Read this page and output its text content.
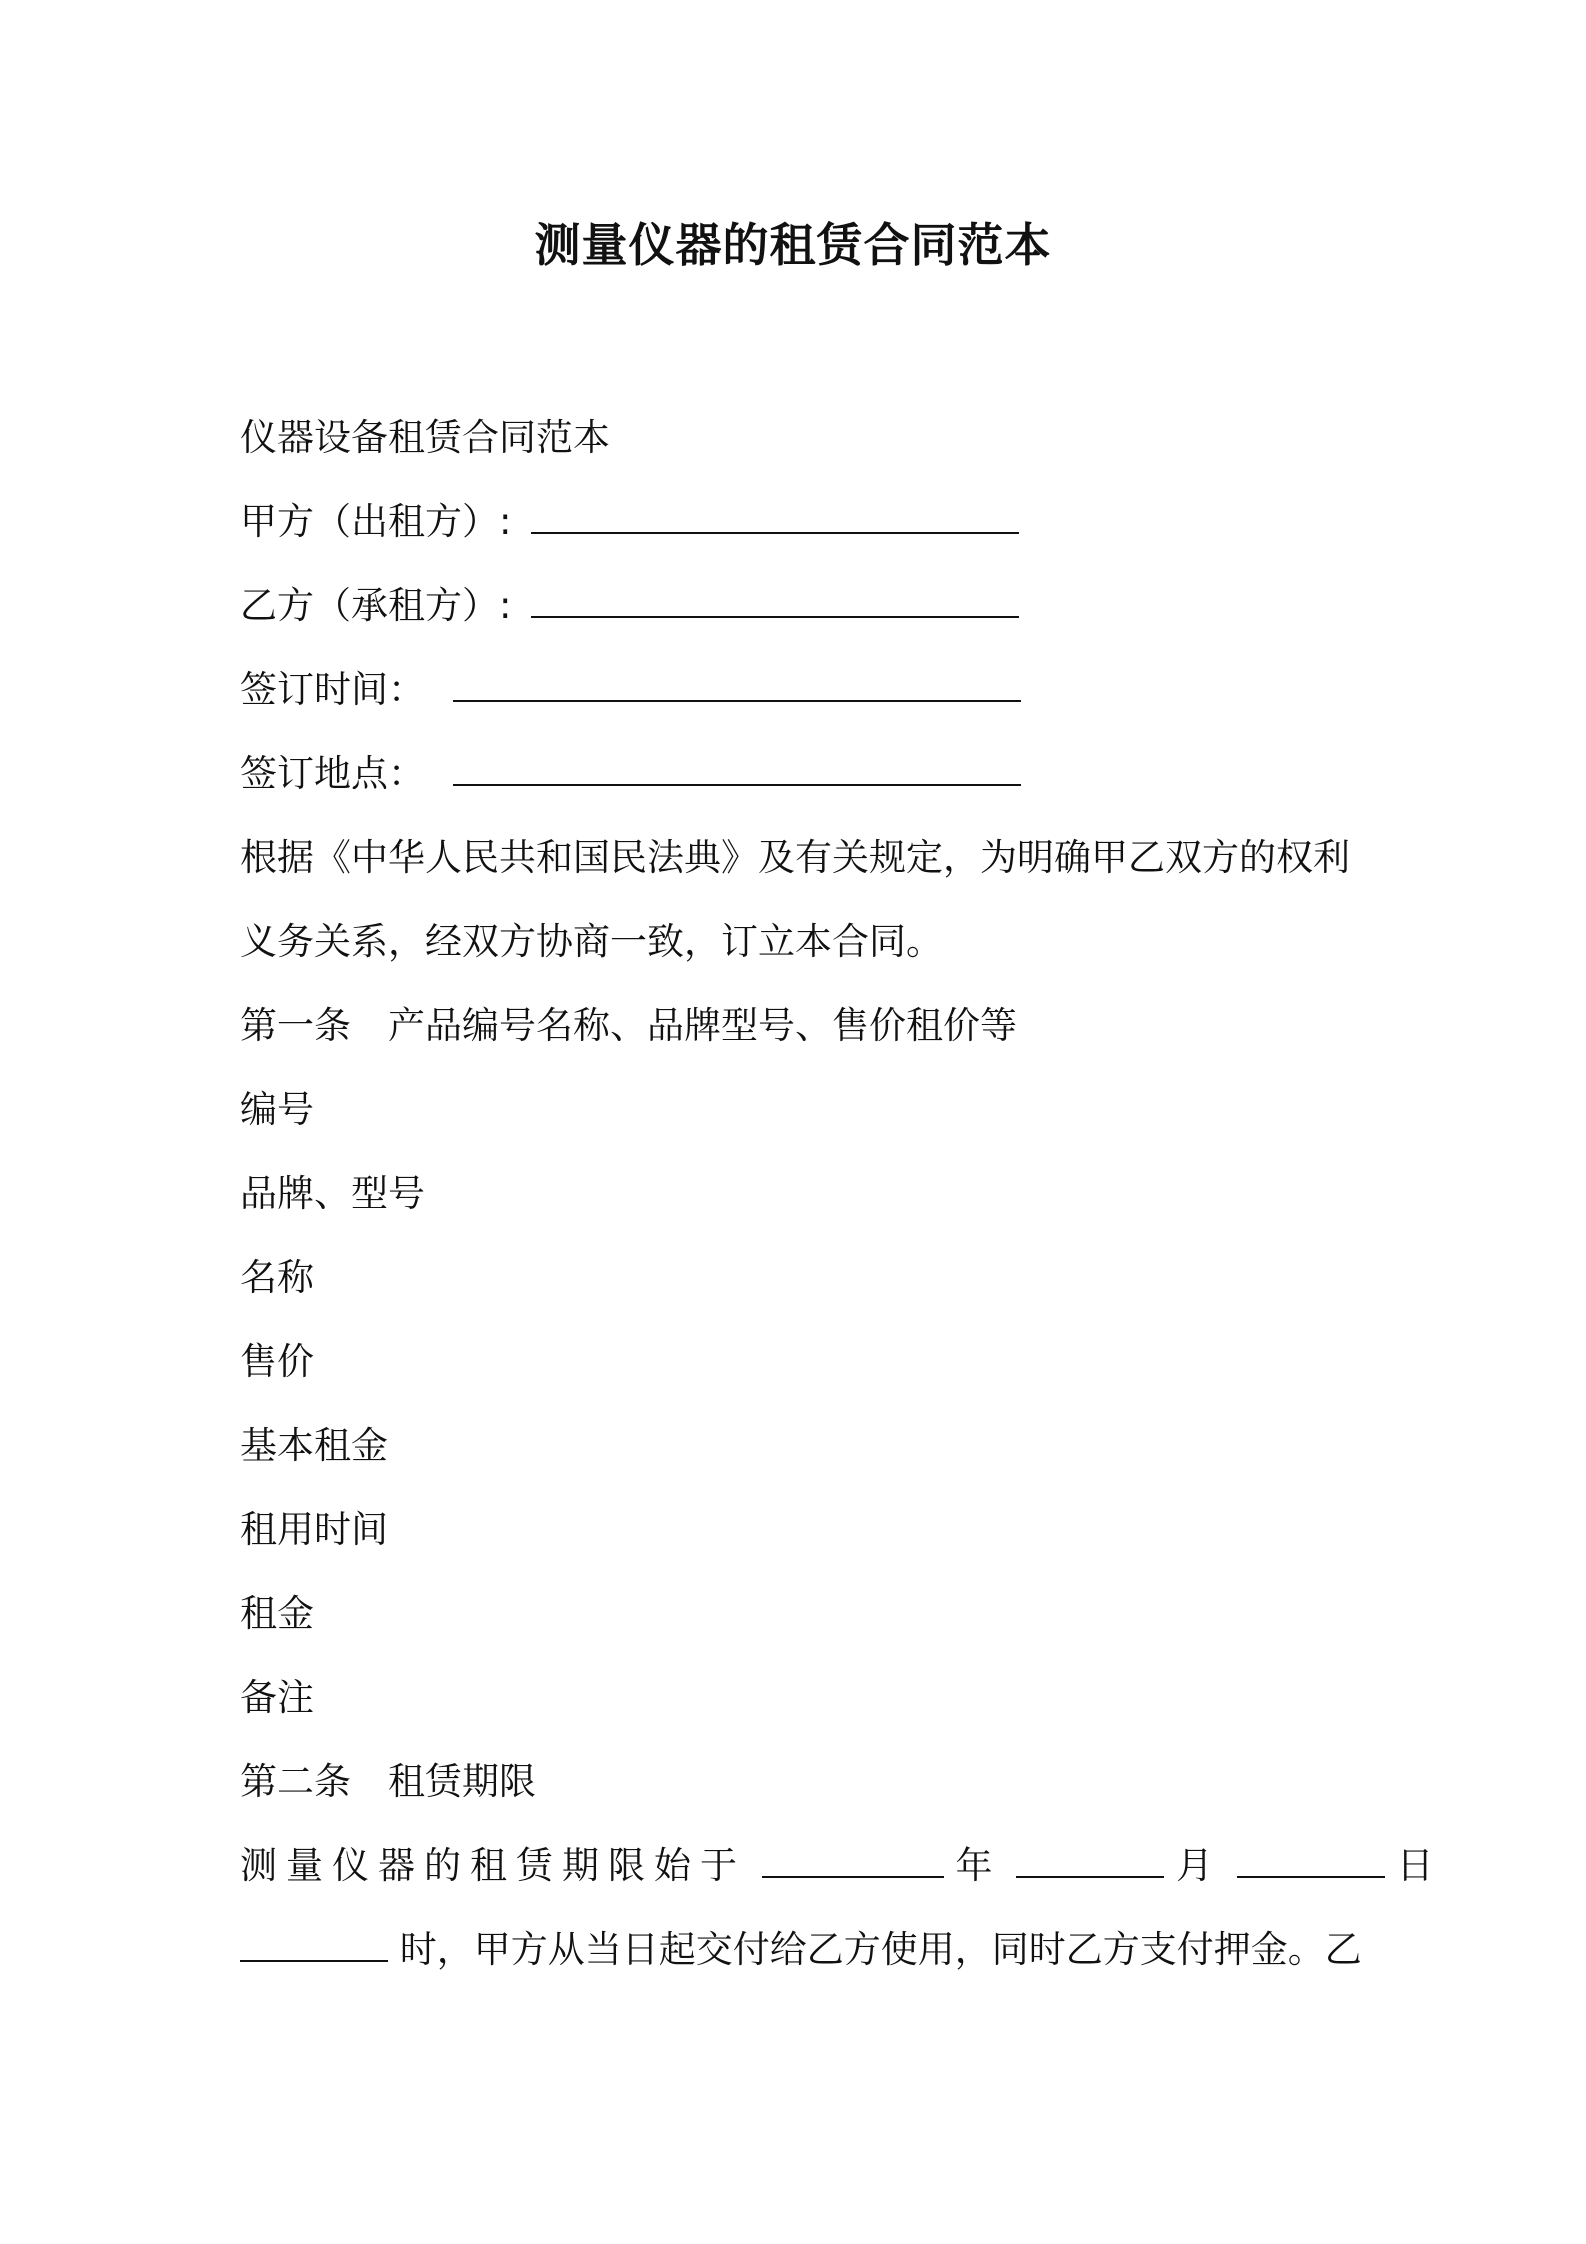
测量仪器的租赁合同范本
仪器设备租赁合同范本
甲方（出租方）:
乙方（承租方）:
签订时间：
签订地点：
根据《中华人民共和国民法典》及有关规定，为明确甲乙双方的权利
义务关系，经双方协商一致，订立本合同。
第一条　产品编号名称、品牌型号、售价租价等
编号
品牌、型号
名称
售价
基本租金
租用时间
租金
备注
第二条　租赁期限
测量仪器的租赁期限始于	年	月	日
时，甲方从当日起交付给乙方使用，同时乙方支付押金。乙
